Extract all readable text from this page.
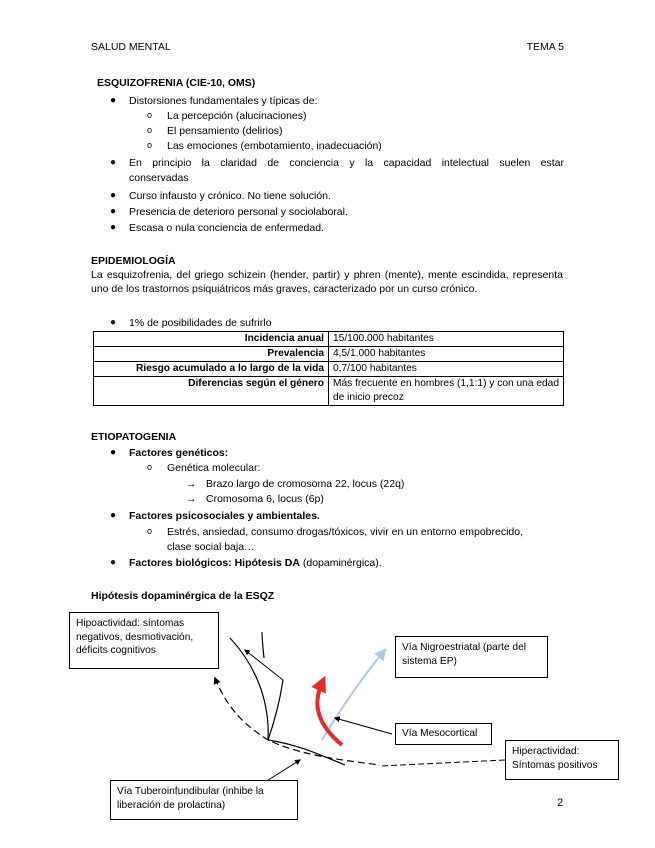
SALUD MENTAL	TEMA 5
ESQUIZOFRENIA (CIE-10, OMS)
● Distorsiones fundamentales y típicas de:
o La percepción (alucinaciones)
o El pensamiento (delirios)
o Las emociones (embotamiento, inadecuación)
● En principio la claridad de conciencia y la capacidad intelectual suelen estar
conservadas
● Curso infausto y crónico. No tiene solución.
● Presencia de deterioro personal y sociolaboral.
● Escasa o nula conciencia de enfermedad.
EPIDEMIOLOGÍA
La esquizofrenia, del griego schizein (hender, partir) y phren (mente), mente escindida, representa uno de los trastornos psiquiátricos más graves, caracterizado por un curso crónico.
● 1% de posibilidades de sufrirlo
Incidencia anual	15/100.000 habitantes
Prevalencia	4,5/1.000 habitantes
Riesgo acumulado a lo largo de la vida	0,7/100 habitantes
Diferencias según el género	Más frecuente en hombres (1,1:1) y con una edad de inicio precoz
ETIOPATOGENIA
● Factores genéticos:
o Genética molecular:
→ Brazo largo de cromosoma 22, locus (22q)
→ Cromosoma 6, locus (6p)
● Factores psicosociales y ambientales.
o Estrés, ansiedad, consumo drogas/tóxicos, vivir en un entorno empobrecido,
clase social baja…
● Factores biológicos: Hipótesis DA (dopaminérgica).
Hipótesis dopaminérgica de la ESQZ
Hipoactividad: síntomas negativos, desmotivación, déficits cognitivos	Vía Nigroestriatal (parte del sistema EP)
Vía Mesocortical
Hiperactividad: Síntomas positivos
Vía Tuberoinfundibular (inhibe la liberación de prolactina)	2
